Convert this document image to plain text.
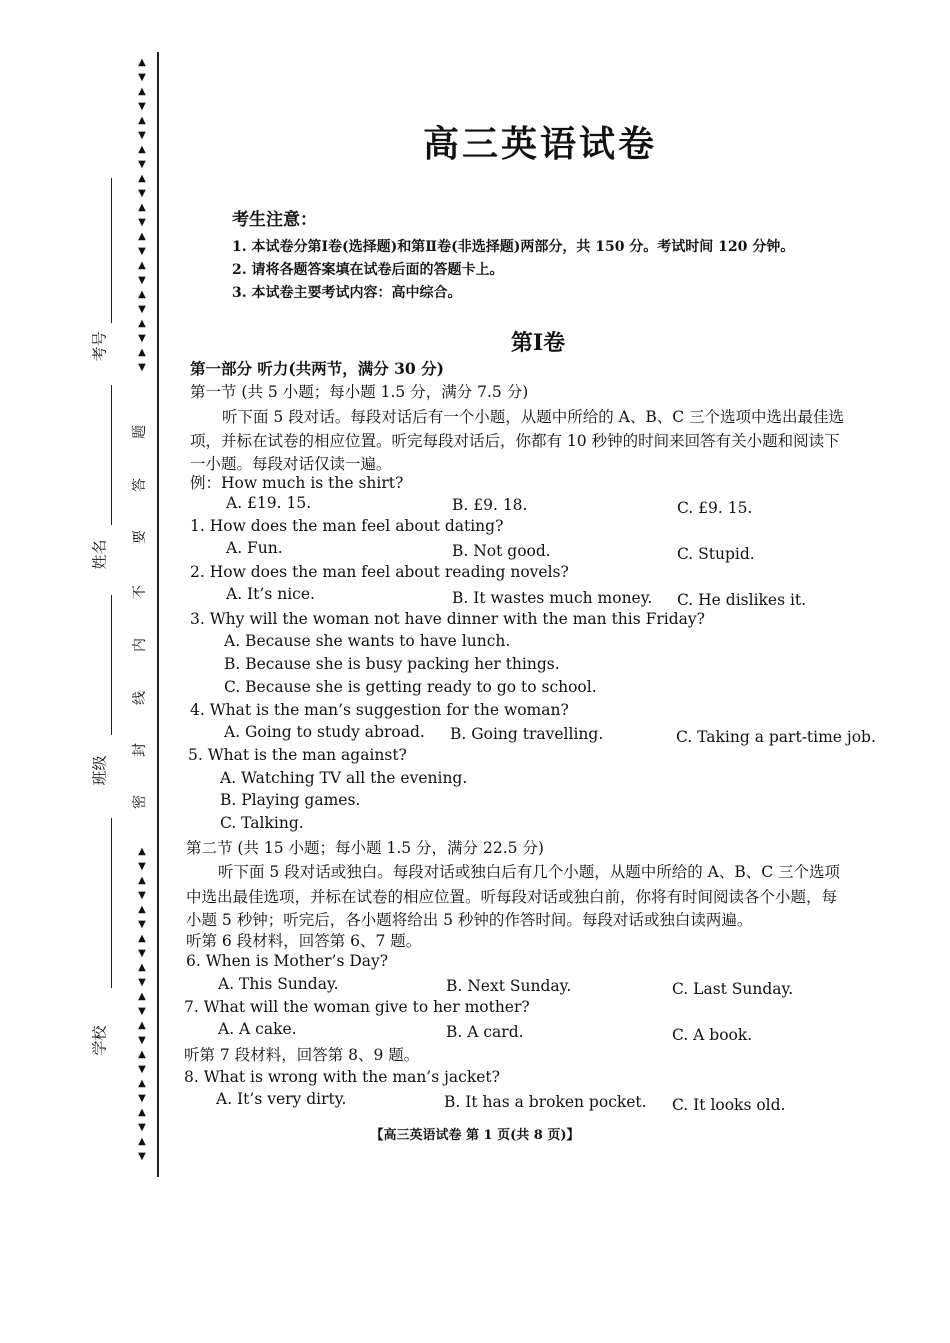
▲
▼
▲
▼
▲
▼
▲
▼
▲
▼
▲
▼
▲
▼
▲
▼
▲
▼
▲
▼
▲
▼
▲
▼
▲
▼
▲
▼
▲
▼
▲
▼
▲
▼
▲
▼
▲
▼
▲
▼
▲
▼
▲
▼
题
答
要
不
内
线
封
密
考号
姓名
班级
学校
高三英语试卷
考生注意：
1. 本试卷分第Ⅰ卷(选择题)和第Ⅱ卷(非选择题)两部分，共 150 分。考试时间 120 分钟。
2. 请将各题答案填在试卷后面的答题卡上。
3. 本试卷主要考试内容：高中综合。
第Ⅰ卷
第一部分 听力(共两节，满分 30 分)
第一节 (共 5 小题；每小题 1.5 分，满分 7.5 分)
听下面 5 段对话。每段对话后有一个小题，从题中所给的 A、B、C 三个选项中选出最佳选
项，并标在试卷的相应位置。听完每段对话后，你都有 10 秒钟的时间来回答有关小题和阅读下
一小题。每段对话仅读一遍。
例：How much is the shirt?
A. £19. 15.	B. £9. 18.	C. £9. 15.
1. How does the man feel about dating?
A. Fun.	B. Not good.	C. Stupid.
2. How does the man feel about reading novels?
A. It’s nice.	B. It wastes much money. C. He dislikes it.
3. Why will the woman not have dinner with the man this Friday?
A. Because she wants to have lunch.
B. Because she is busy packing her things.
C. Because she is getting ready to go to school.
4. What is the man’s suggestion for the woman?
A. Going to study abroad. B. Going travelling.	C. Taking a part-time job.
5. What is the man against?
A. Watching TV all the evening.
B. Playing games.
C. Talking.
第二节 (共 15 小题；每小题 1.5 分，满分 22.5 分)
听下面 5 段对话或独白。每段对话或独白后有几个小题，从题中所给的 A、B、C 三个选项
中选出最佳选项，并标在试卷的相应位置。听每段对话或独白前，你将有时间阅读各个小题，每
小题 5 秒钟；听完后，各小题将给出 5 秒钟的作答时间。每段对话或独白读两遍。
听第 6 段材料，回答第 6、7 题。
6. When is Mother’s Day?
A. This Sunday.	B. Next Sunday.	C. Last Sunday.
7. What will the woman give to her mother?
A. A cake.	B. A card.	C. A book.
听第 7 段材料，回答第 8、9 题。
8. What is wrong with the man’s jacket?
A. It’s very dirty.	B. It has a broken pocket. C. It looks old.
【高三英语试卷 第 1 页(共 8 页)】
